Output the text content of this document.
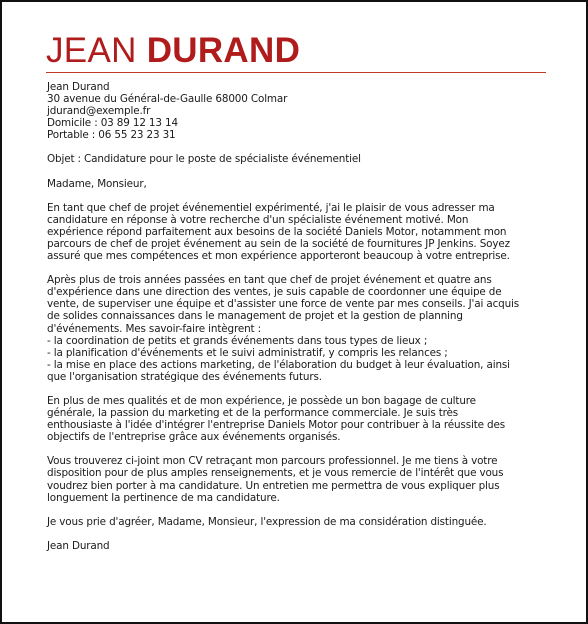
JEAN DURAND
Jean Durand
30 avenue du Général-de-Gaulle 68000 Colmar
jdurand@exemple.fr
Domicile : 03 89 12 13 14
Portable : 06 55 23 23 31

Objet : Candidature pour le poste de spécialiste événementiel

Madame, Monsieur,

En tant que chef de projet événementiel expérimenté, j'ai le plaisir de vous adresser ma
candidature en réponse à votre recherche d'un spécialiste événement motivé. Mon
expérience répond parfaitement aux besoins de la société Daniels Motor, notamment mon
parcours de chef de projet événement au sein de la société de fournitures JP Jenkins. Soyez
assuré que mes compétences et mon expérience apporteront beaucoup à votre entreprise.
Après plus de trois années passées en tant que chef de projet événement et quatre ans
d'expérience dans une direction des ventes, je suis capable de coordonner une équipe de
vente, de superviser une équipe et d'assister une force de vente par mes conseils. J'ai acquis
de solides connaissances dans le management de projet et la gestion de planning
d'événements. Mes savoir-faire intègrent :
- la coordination de petits et grands événements dans tous types de lieux ;
- la planification d'événements et le suivi administratif, y compris les relances ;
- la mise en place des actions marketing, de l'élaboration du budget à leur évaluation, ainsi
que l'organisation stratégique des événements futurs.
En plus de mes qualités et de mon expérience, je possède un bon bagage de culture
générale, la passion du marketing et de la performance commerciale. Je suis très
enthousiaste à l'idée d'intégrer l'entreprise Daniels Motor pour contribuer à la réussite des
objectifs de l'entreprise grâce aux événements organisés.
Vous trouverez ci-joint mon CV retraçant mon parcours professionnel. Je me tiens à votre
disposition pour de plus amples renseignements, et je vous remercie de l'intérêt que vous
voudrez bien porter à ma candidature. Un entretien me permettra de vous expliquer plus
longuement la pertinence de ma candidature.

Je vous prie d'agréer, Madame, Monsieur, l'expression de ma considération distinguée.

Jean Durand
